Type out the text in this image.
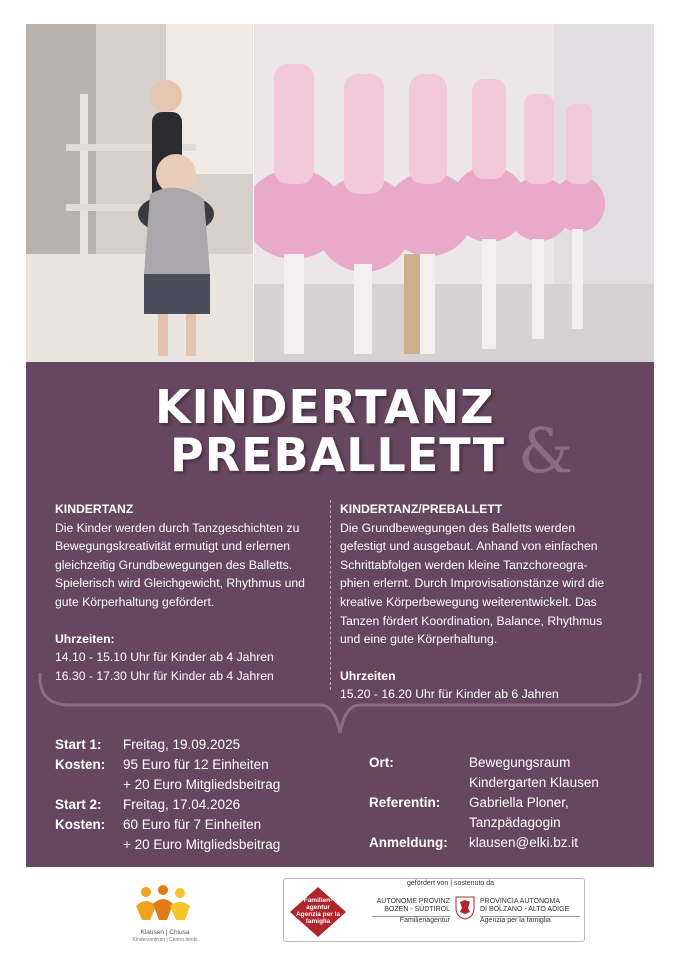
KINDERTANZ
PREBALLETT &
KINDERTANZ

Die Kinder werden durch Tanzgeschichten zu

Bewegungskreativität ermutigt und erlernen

gleichzeitig Grundbewegungen des Balletts.

Spielerisch wird Gleichgewicht, Rhythmus und

gute Körperhaltung gefördert.

Uhrzeiten:

14.10 - 15.10 Uhr für Kinder ab 4 Jahren

16.30 - 17.30 Uhr für Kinder ab 4 Jahren

KINDERTANZ/PREBALLETT

Die Grundbewegungen des Balletts werden

gefestigt und ausgebaut. Anhand von einfachen

Schrittabfolgen werden kleine Tanzchoreogra-

phien erlernt. Durch Improvisationstänze wird die

kreative Körperbewegung weiterentwickelt. Das

Tanzen fördert Koordination, Balance, Rhythmus

und eine gute Körperhaltung.

Uhrzeiten

15.20 - 16.20 Uhr für Kinder ab 6 Jahren

Start 1: Freitag, 19.09.2025
Kosten: 95 Euro für 12 Einheiten
+ 20 Euro Mitgliedsbeitrag
Start 2: Freitag, 17.04.2026
Kosten: 60 Euro für 7 Einheiten
+ 20 Euro Mitgliedsbeitrag
Ort:	Bewegungsraum
Kindergarten Klausen
Referentin: Gabriella Ploner,
Tanzpädagogin
Anmeldung: klausen@elki.bz.it
Klausen | Chiusa
Kinderzentrum | Centro bimbi
gefördert von | sostenuto da
Familien-
agentur
Agenzia per la
famiglia
AUTONOME PROVINZ
BOZEN - SÜDTIROL
Familienagentur
PROVINCIA AUTONOMA
DI BOLZANO - ALTO ADIGE
Agenzia per la famiglia
